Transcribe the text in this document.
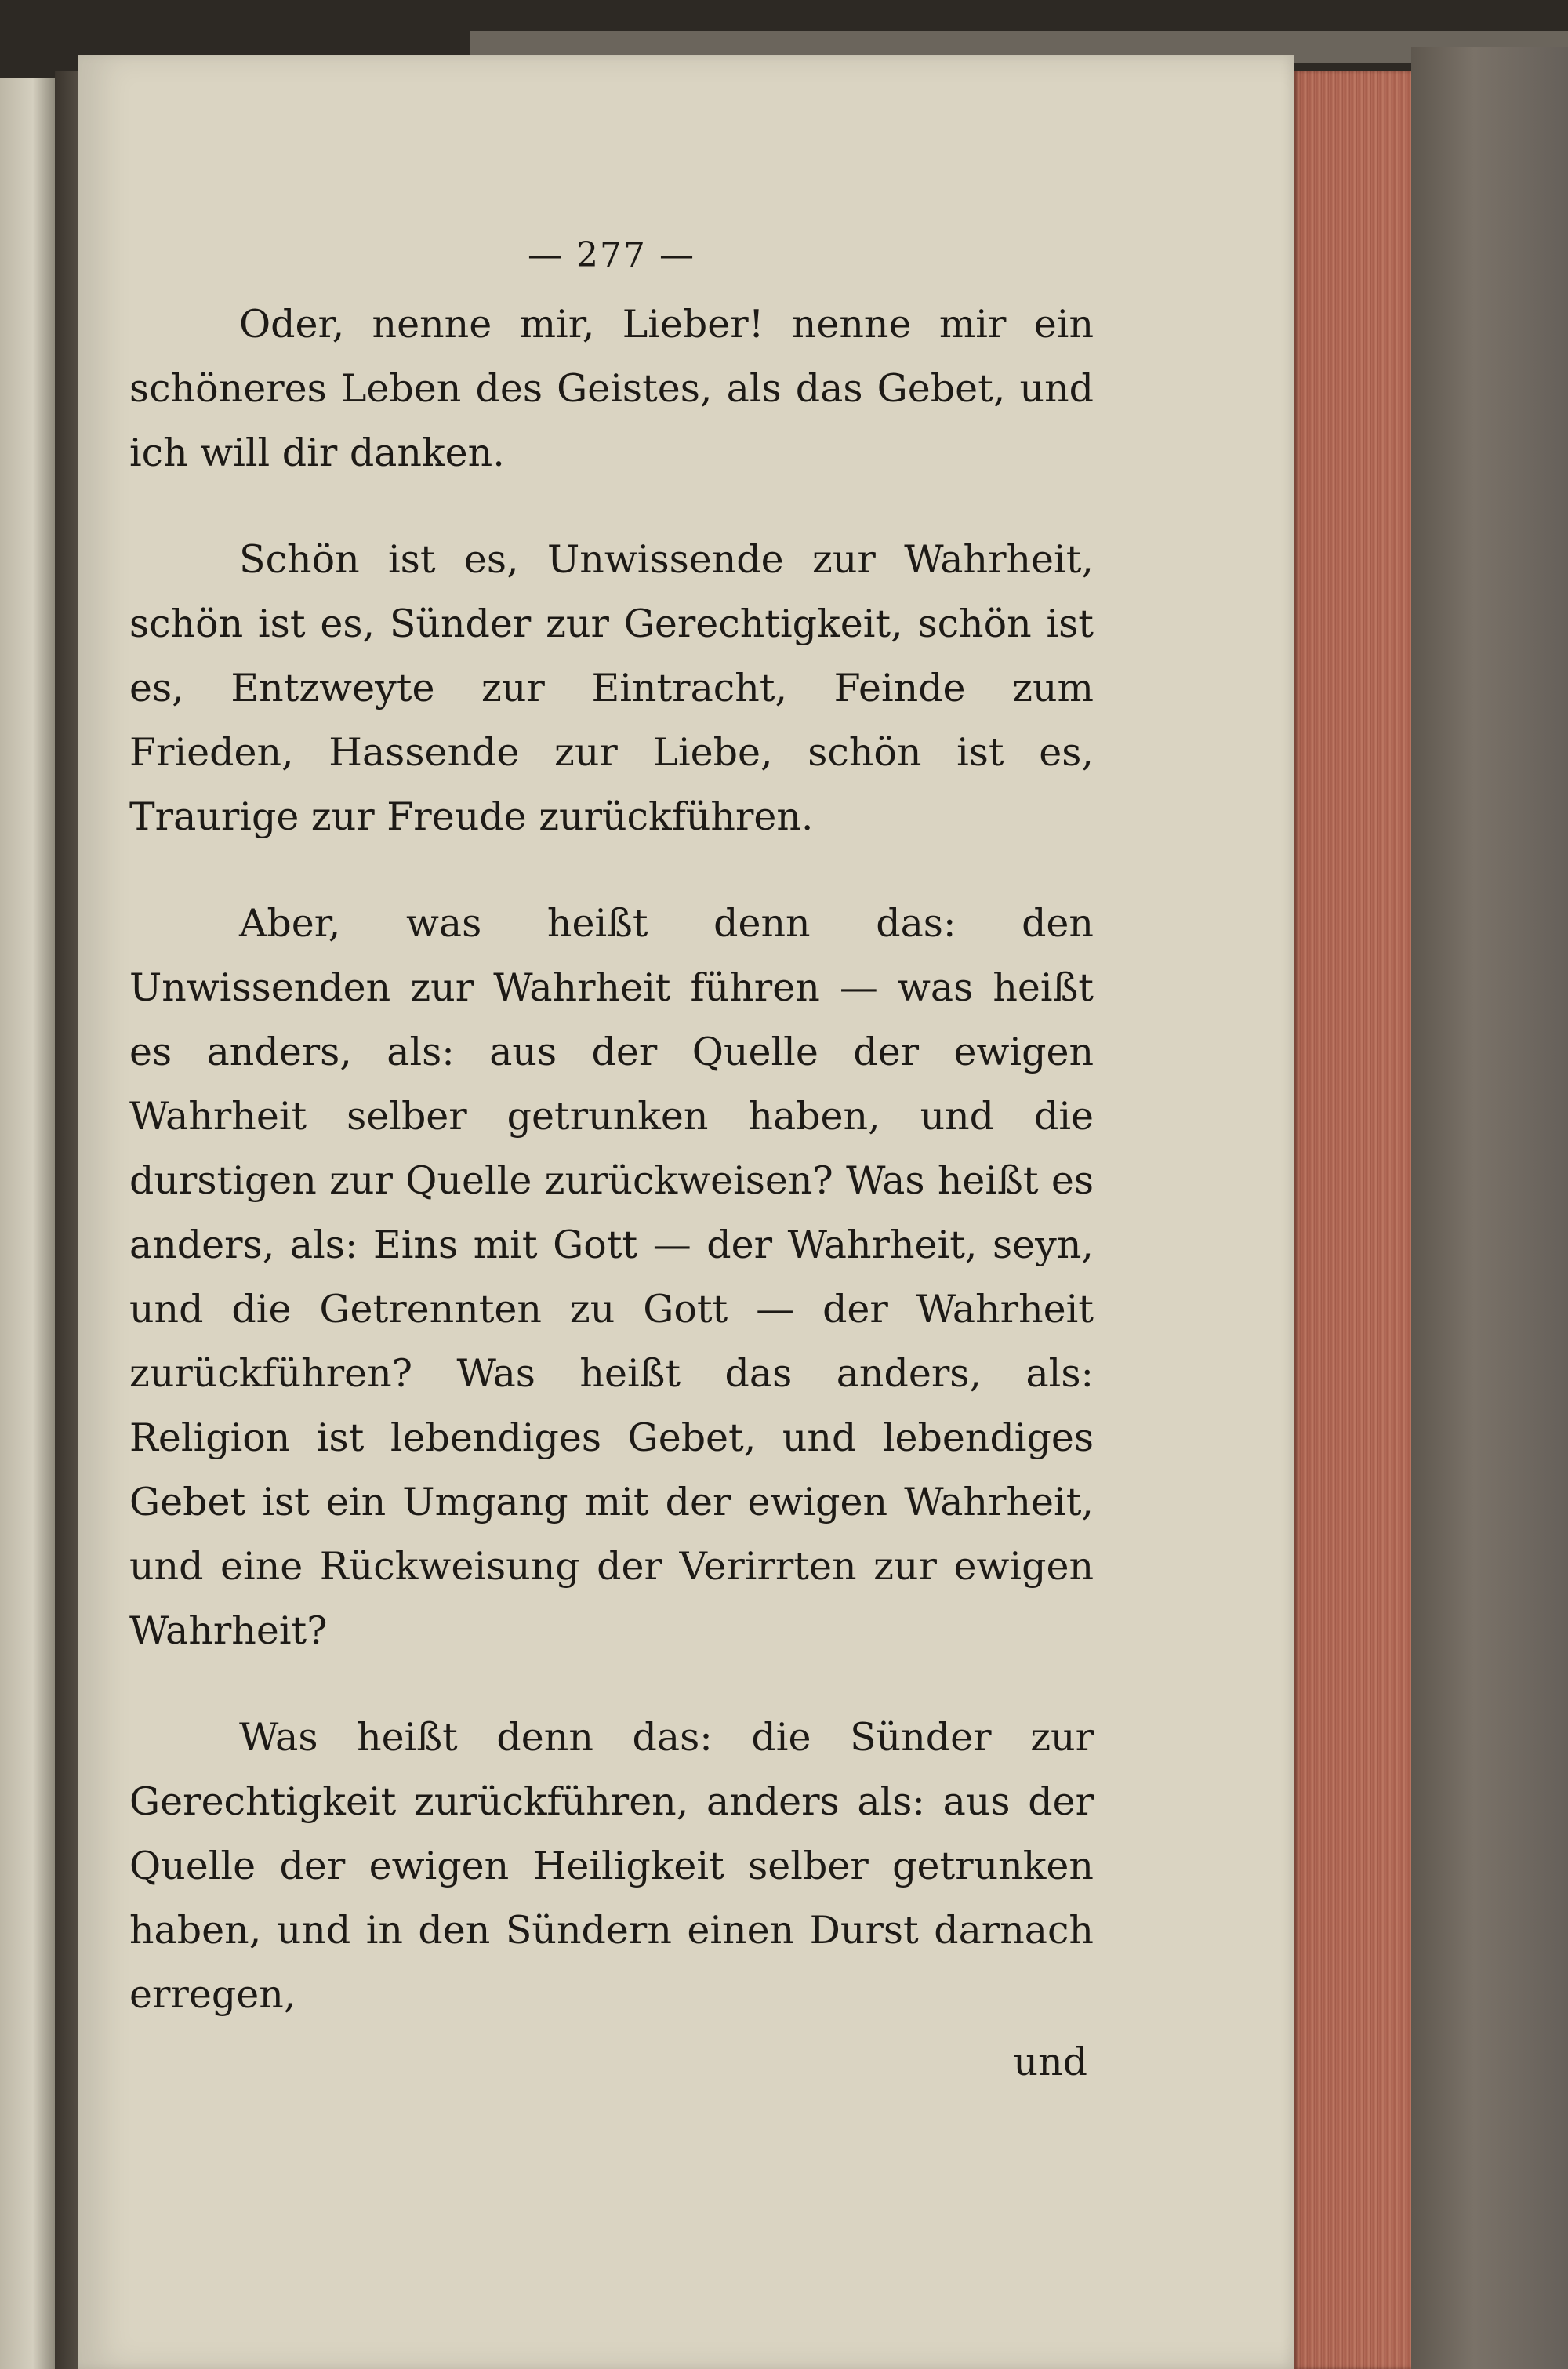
— 277 —

Oder, nenne mir, Lieber! nenne mir ein schöneres Leben des Geistes, als das Gebet, und ich will dir danken.

Schön ist es, Unwissende zur Wahrheit, schön ist es, Sünder zur Gerechtigkeit, schön ist es, Entzweyte zur Eintracht, Feinde zum Frieden, Hassende zur Liebe, schön ist es, Traurige zur Freude zurückführen.

Aber, was heißt denn das: den Unwissenden zur Wahrheit führen — was heißt es anders, als: aus der Quelle der ewigen Wahrheit selber getrunken haben, und die durstigen zur Quelle zurückweisen? Was heißt es anders, als: Eins mit Gott — der Wahrheit, seyn, und die Getrennten zu Gott — der Wahrheit zurückführen? Was heißt das anders, als: Religion ist lebendiges Gebet, und lebendiges Gebet ist ein Umgang mit der ewigen Wahrheit, und eine Rückweisung der Verirrten zur ewigen Wahrheit?

Was heißt denn das: die Sünder zur Gerechtigkeit zurückführen, anders als: aus der Quelle der ewigen Heiligkeit selber getrunken haben, und in den Sündern einen Durst darnach erregen,

und
